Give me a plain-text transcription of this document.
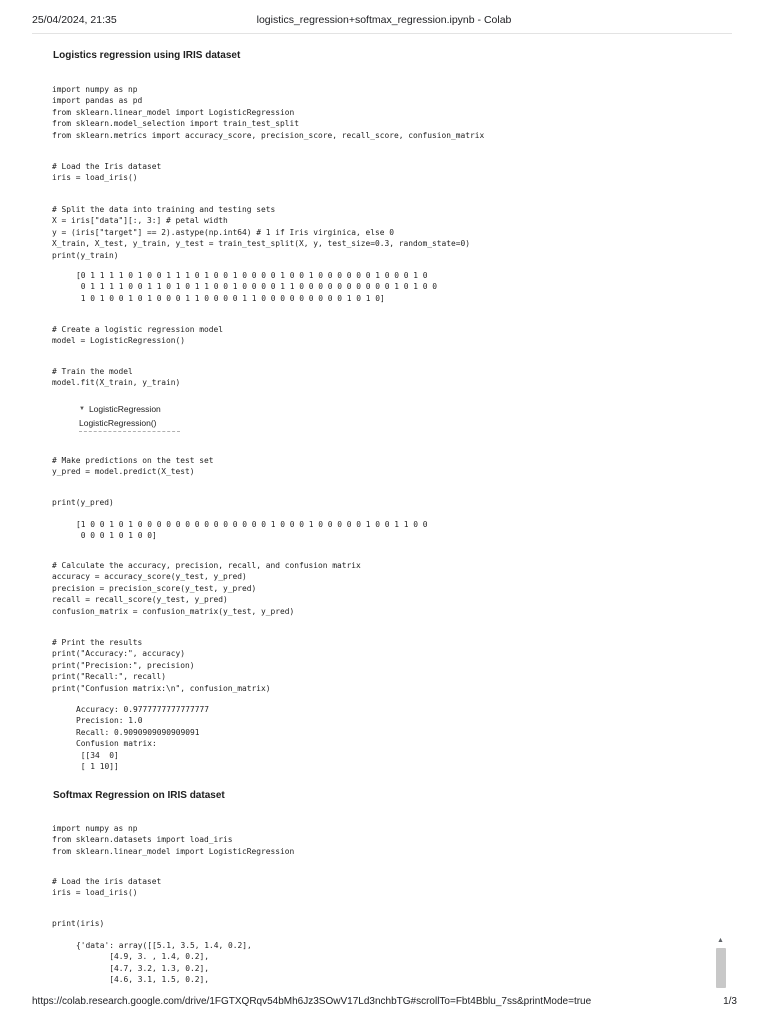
25/04/2024, 21:35	logistics_regression+softmax_regression.ipynb - Colab
Logistics regression using IRIS dataset
import numpy as np
import pandas as pd
from sklearn.linear_model import LogisticRegression
from sklearn.model_selection import train_test_split
from sklearn.metrics import accuracy_score, precision_score, recall_score, confusion_matrix
# Load the Iris dataset
iris = load_iris()
# Split the data into training and testing sets
X = iris["data"][:, 3:] # petal width
y = (iris["target"] == 2).astype(np.int64) # 1 if Iris virginica, else 0
X_train, X_test, y_train, y_test = train_test_split(X, y, test_size=0.3, random_state=0)
print(y_train)
[0 1 1 1 1 0 1 0 0 1 1 1 0 1 0 0 1 0 0 0 0 1 0 0 1 0 0 0 0 0 0 1 0 0 0 1 0
0 1 1 1 1 0 0 1 1 0 1 0 1 1 0 0 1 0 0 0 0 1 1 0 0 0 0 0 0 0 0 0 0 1 0 1 0 0
1 0 1 0 0 1 0 1 0 0 0 1 1 0 0 0 0 1 1 0 0 0 0 0 0 0 0 0 1 0 1 0]
# Create a logistic regression model
model = LogisticRegression()
# Train the model
model.fit(X_train, y_train)
▼ LogisticRegression
LogisticRegression()
# Make predictions on the test set
y_pred = model.predict(X_test)
print(y_pred)
[1 0 0 1 0 1 0 0 0 0 0 0 0 0 0 0 0 0 0 0 1 0 0 0 1 0 0 0 0 0 1 0 0 1 1 0 0
0 0 0 1 0 1 0 0]
# Calculate the accuracy, precision, recall, and confusion matrix
accuracy = accuracy_score(y_test, y_pred)
precision = precision_score(y_test, y_pred)
recall = recall_score(y_test, y_pred)
confusion_matrix = confusion_matrix(y_test, y_pred)
# Print the results
print("Accuracy:", accuracy)
print("Precision:", precision)
print("Recall:", recall)
print("Confusion matrix:\n", confusion_matrix)
Accuracy: 0.9777777777777777
Precision: 1.0
Recall: 0.9090909090909091
Confusion matrix:
[[34  0]
[ 1 10]]
Softmax Regression on IRIS dataset
import numpy as np
from sklearn.datasets import load_iris
from sklearn.linear_model import LogisticRegression
# Load the iris dataset
iris = load_iris()
print(iris)
{'data': array([[5.1, 3.5, 1.4, 0.2],
[4.9, 3. , 1.4, 0.2],
[4.7, 3.2, 1.3, 0.2],
[4.6, 3.1, 1.5, 0.2],
▲
https://colab.research.google.com/drive/1FGTXQRqv54bMh6Jz3SOwV17Ld3nchbTG#scrollTo=Fbt4Bblu_7ss&printMode=true	1/3
